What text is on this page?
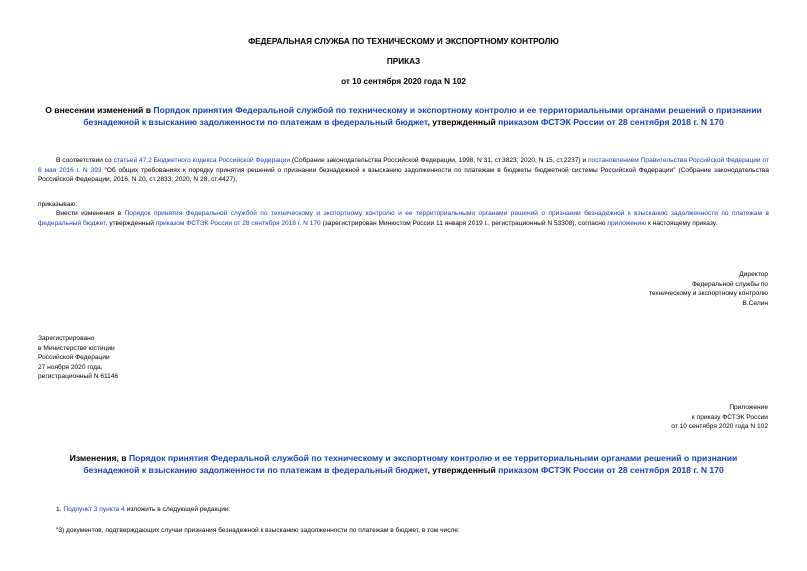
ФЕДЕРАЛЬНАЯ СЛУЖБА ПО ТЕХНИЧЕСКОМУ И ЭКСПОРТНОМУ КОНТРОЛЮ
ПРИКАЗ
от 10 сентября 2020 года N 102
О внесении изменений в Порядок принятия Федеральной службой по техническому и экспортному контролю и ее территориальными органами решений о признании безнадежной к взысканию задолженности по платежам в федеральный бюджет, утвержденный приказом ФСТЭК России от 28 сентября 2018 г. N 170
В соответствии со статьей 47.2 Бюджетного кодекса Российской Федерации (Собрание законодательства Российской Федерации, 1998, N 31, ст.3823; 2020, N 15, ст.2237) и постановлением Правительства Российской Федерации от 6 мая 2016 г. N 393 "Об общих требованиях к порядку принятия решений о признании безнадежной к взысканию задолженности по платежам в бюджеты бюджетной системы Российской Федерации" (Собрание законодательства Российской Федерации, 2016, N 20, ст.2833; 2020, N 28, ст.4427),
приказываю:
Внести изменения в Порядок принятия Федеральной службой по техническому и экспортному контролю и ее территориальными органами решений о признании безнадежной к взысканию задолженности по платежам в федеральный бюджет, утвержденный приказом ФСТЭК России от 28 сентября 2018 г. N 170 (зарегистрирован Минюстом России 11 января 2019 г., регистрационный N 53308), согласно приложению к настоящему приказу.
Директор
Федеральной службы по
техническому и экспортному контролю
В.Селин
Зарегистрировано
в Министерстве юстиции
Российской Федерации
27 ноября 2020 года,
регистрационный N 61146
Приложение
к приказу ФСТЭК России
от 10 сентября 2020 года N 102
Изменения, в Порядок принятия Федеральной службой по техническому и экспортному контролю и ее территориальными органами решений о признании безнадежной к взысканию задолженности по платежам в федеральный бюджет, утвержденный приказом ФСТЭК России от 28 сентября 2018 г. N 170
1. Подпункт 3 пункта 4 изложить в следующей редакции:
"3) документов, подтверждающих случаи признания безнадежной к взысканию задолженности по платежам в бюджет, в том числе:
